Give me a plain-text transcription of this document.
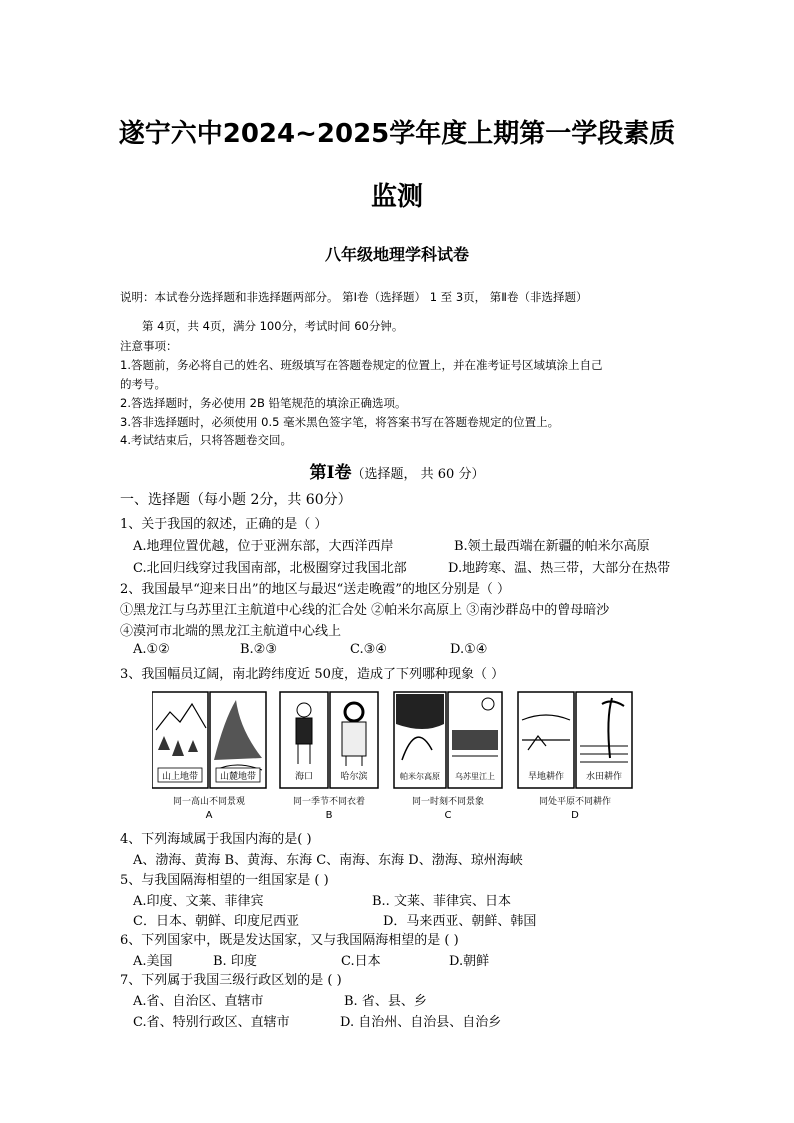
遂宁六中2024~2025学年度上期第一学段素质
监测
八年级地理学科试卷
说明：本试卷分选择题和非选择题两部分。 第Ⅰ卷（选择题） 1 至 3页， 第Ⅱ卷（非选择题）
第 4页，共 4页，满分 100分，考试时间 60分钟。
注意事项：
1.答题前，务必将自己的姓名、班级填写在答题卷规定的位置上，并在准考证号区域填涂上自己
的考号。
2.答选择题时，务必使用 2B 铅笔规范的填涂正确选项。
3.答非选择题时，必须使用 0.5 毫米黑色签字笔，将答案书写在答题卷规定的位置上。
4.考试结束后，只将答题卷交回。
第Ⅰ卷（选择题， 共 60 分）
一、选择题（每小题 2分，共 60分）
1、关于我国的叙述，正确的是（ ）
A.地理位置优越，位于亚洲东部，大西洋西岸	B.领土最西端在新疆的帕米尔高原
C.北回归线穿过我国南部，北极圈穿过我国北部	D.地跨寒、温、热三带，大部分在热带
2、我国最早“迎来日出”的地区与最迟“送走晚霞”的地区分别是（ ）
①黑龙江与乌苏里江主航道中心线的汇合处 ②帕米尔高原上 ③南沙群岛中的曾母暗沙
④漠河市北端的黑龙江主航道中心线上
A.①②	B.②③	C.③④	D.①④
3、我国幅员辽阔，南北跨纬度近 50度，造成了下列哪种现象（ ）
山上地带 山麓地带
同一高山不同景观
A
海口	哈尔滨
同一季节不同衣着
B
帕米尔高原 乌苏里江上
同一时刻不同景象
C
旱地耕作 水田耕作
同处平原不同耕作
D
4、下列海域属于我国内海的是( )
A、渤海、黄海 B、黄海、东海 C、南海、东海 D、渤海、琼州海峡
5、与我国隔海相望的一组国家是 ( )
A.印度、文莱、菲律宾	B.. 文莱、菲律宾、日本
C．日本、朝鲜、印度尼西亚	D．马来西亚、朝鲜、韩国
6、下列国家中，既是发达国家，又与我国隔海相望的是 ( )
A.美国	B. 印度	C.日本	D.朝鲜
7、下列属于我国三级行政区划的是 ( )
A.省、自治区、直辖市	B. 省、县、乡
C.省、特别行政区、直辖市	D. 自治州、自治县、自治乡
